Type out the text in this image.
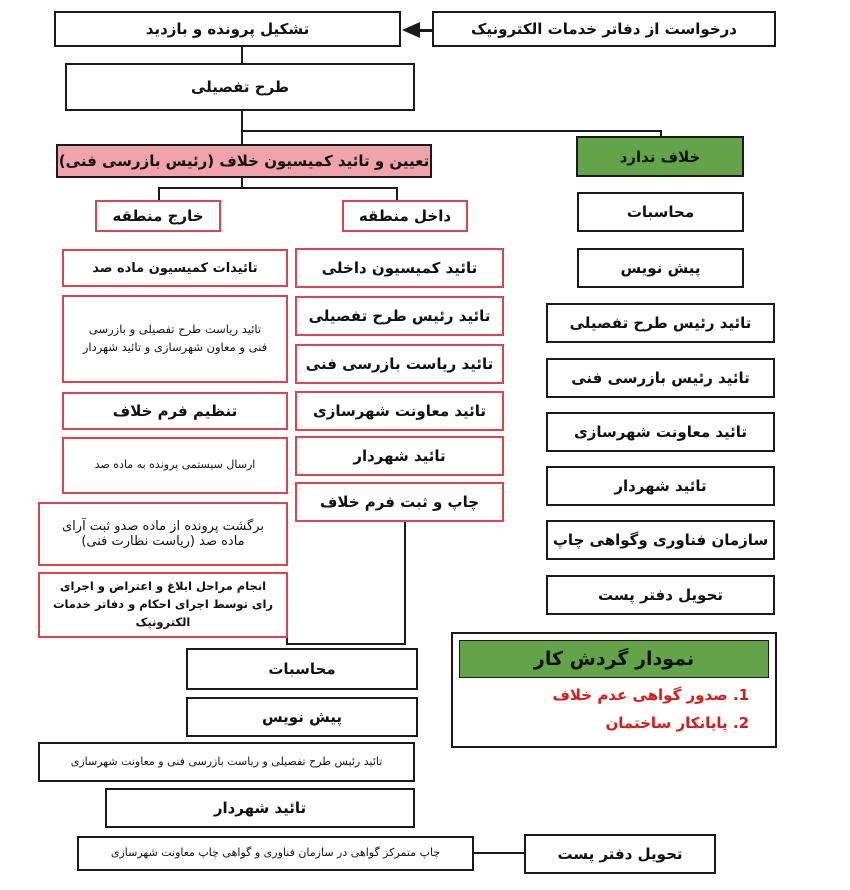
درخواست از دفاتر خدمات الکترونیک
تشکیل پرونده و بازدید
طرح تفصیلی
تعیین و تائید کمیسیون خلاف (رئیس بازرسی فنی)	خلاف ندارد
خارج منطقه	داخل منطقه
تائیدات کمیسیون ماده صد
تائید ریاست طرح تفصیلی و بازرسی فنی و معاون شهرسازی و تائید شهردار
تنظیم فرم خلاف
ارسال سیستمی پرونده به ماده صد
برگشت پرونده از ماده صدو ثبت آرای ماده صد (ریاست نظارت فنی)
انجام مراحل ابلاغ و اعتراض و اجرای رای توسط اجرای احکام و دفاتر خدمات الکترونیک
تائید کمیسیون داخلی
تائید رئیس طرح تفصیلی
تائید ریاست بازرسی فنی
تائید معاونت شهرسازی
تائید شهردار
چاپ و ثبت فرم خلاف
محاسبات
پیش نویس
تائید رئیس طرح تفصیلی
تائید رئیس بازرسی فنی
تائید معاونت شهرسازی
تائید شهردار
سازمان فناوری وگواهی چاپ
تحویل دفتر پست
محاسبات
پیش نویس
تائید رئیس طرح تفصیلی و ریاست بازرسی فنی و معاونت شهرسازی
تائید شهردار
چاپ متمرکز گواهی در سازمان فناوری و گواهی چاپ معاونت شهرسازی	تحویل دفتر پست
نمودار گردش کار
1. صدور گواهی عدم خلاف
2. پایانکار ساختمان
